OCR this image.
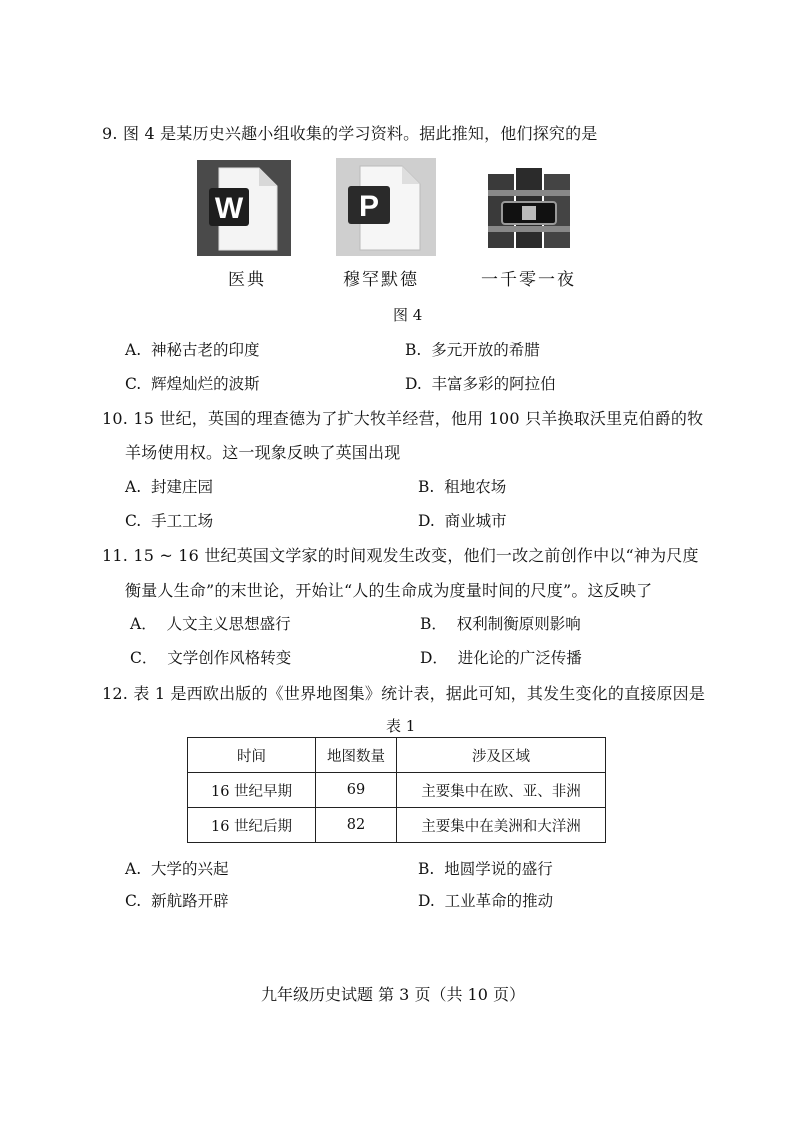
9. 图 4 是某历史兴趣小组收集的学习资料。据此推知，他们探究的是
W	P
医典	穆罕默德	一千零一夜
图 4
A. 神秘古老的印度	B. 多元开放的希腊
C. 辉煌灿烂的波斯	D. 丰富多彩的阿拉伯
10. 15 世纪，英国的理查德为了扩大牧羊经营，他用 100 只羊换取沃里克伯爵的牧
羊场使用权。这一现象反映了英国出现
A. 封建庄园	B. 租地农场
C. 手工工场	D. 商业城市
11. 15 ~ 16 世纪英国文学家的时间观发生改变，他们一改之前创作中以“神为尺度
衡量人生命”的末世论，开始让“人的生命成为度量时间的尺度”。这反映了
A． 人文主义思想盛行	B． 权利制衡原则影响
C． 文学创作风格转变	D． 进化论的广泛传播
12. 表 1 是西欧出版的《世界地图集》统计表，据此可知，其发生变化的直接原因是
表 1
时间	地图数量	涉及区域
16 世纪早期	69	主要集中在欧、亚、非洲
16 世纪后期	82	主要集中在美洲和大洋洲
A. 大学的兴起	B. 地圆学说的盛行
C. 新航路开辟	D. 工业革命的推动
九年级历史试题 第 3 页（共 10 页）
